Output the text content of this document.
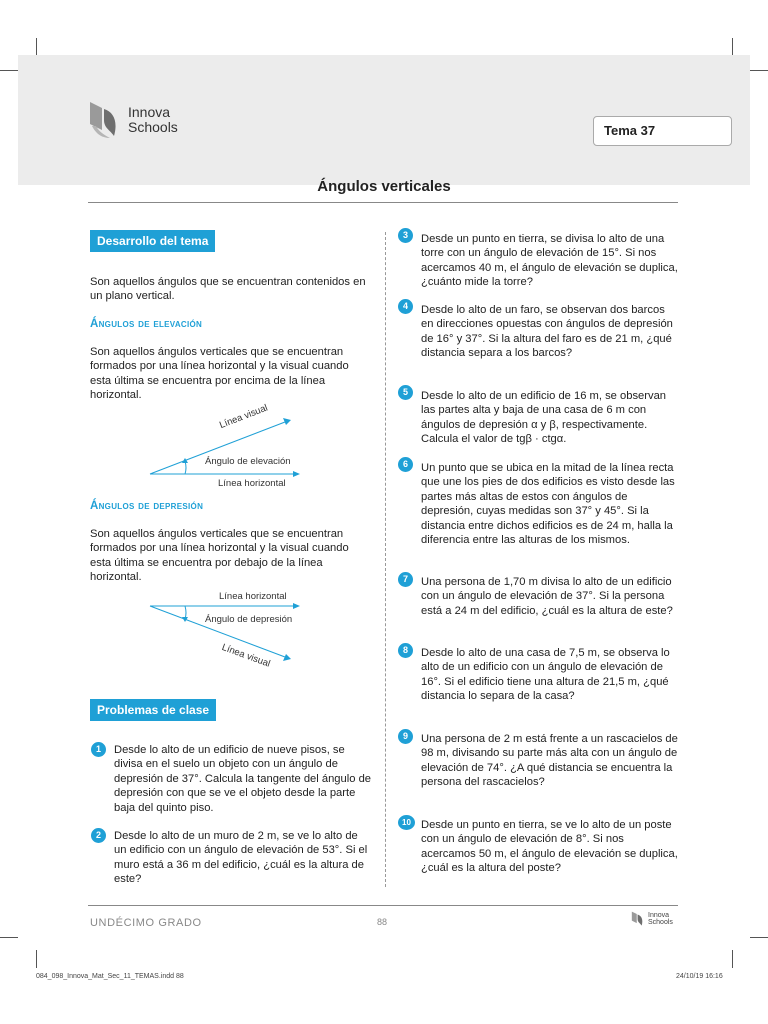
Innova
Schools	Tema 37
Ángulos verticales
Desarrollo del tema
Son aquellos ángulos que se encuentran contenidos en un plano vertical.
Ángulos de elevación
Son aquellos ángulos verticales que se encuentran formados por una línea horizontal y la visual cuando esta última se encuentra por encima de la línea horizontal.
Línea visual
Ángulo de elevación
Línea horizontal
Ángulos de depresión
Son aquellos ángulos verticales que se encuentran formados por una línea horizontal y la visual cuando esta última se encuentra por debajo de la línea horizontal.
Línea horizontal
Ángulo de depresión
Línea visual
Problemas de clase
1	Desde lo alto de un edificio de nueve pisos, se divisa en el suelo un objeto con un ángulo de depresión de 37°. Calcula la tangente del ángulo de depresión con que se ve el objeto desde la parte baja del quinto piso.
2	Desde lo alto de un muro de 2 m, se ve lo alto de un edificio con un ángulo de elevación de 53°. Si el muro está a 36 m del edificio, ¿cuál es la altura de este?
3	Desde un punto en tierra, se divisa lo alto de una torre con un ángulo de elevación de 15°. Si nos acercamos 40 m, el ángulo de elevación se duplica, ¿cuánto mide la torre?
4	Desde lo alto de un faro, se observan dos barcos en direcciones opuestas con ángulos de depresión de 16° y 37°. Si la altura del faro es de 21 m, ¿qué distancia separa a los barcos?
5	Desde lo alto de un edificio de 16 m, se observan las partes alta y baja de una casa de 6 m con ángulos de depresión α y β, respectivamente. Calcula el valor de tgβ · ctgα.
6	Un punto que se ubica en la mitad de la línea recta que une los pies de dos edificios es visto desde las partes más altas de estos con ángulos de depresión, cuyas medidas son 37° y 45°. Si la distancia entre dichos edificios es de 24 m, halla la diferencia entre las alturas de los mismos.
7	Una persona de 1,70 m divisa lo alto de un edificio con un ángulo de elevación de 37°. Si la persona está a 24 m del edificio, ¿cuál es la altura de este?
8	Desde lo alto de una casa de 7,5 m, se observa lo alto de un edificio con un ángulo de elevación de 16°. Si el edificio tiene una altura de 21,5 m, ¿qué distancia lo separa de la casa?
9	Una persona de 2 m está frente a un rascacielos de 98 m, divisando su parte más alta con un ángulo de elevación de 74°. ¿A qué distancia se encuentra la persona del rascacielos?
10 Desde un punto en tierra, se ve lo alto de un poste con un ángulo de elevación de 8°. Si nos acercamos 50 m, el ángulo de elevación se duplica, ¿cuál es la altura del poste?
UNDÉCIMO GRADO	88
Innova
Schools
084_098_Innova_Mat_Sec_11_TEMAS.indd 88	24/10/19 16:16
